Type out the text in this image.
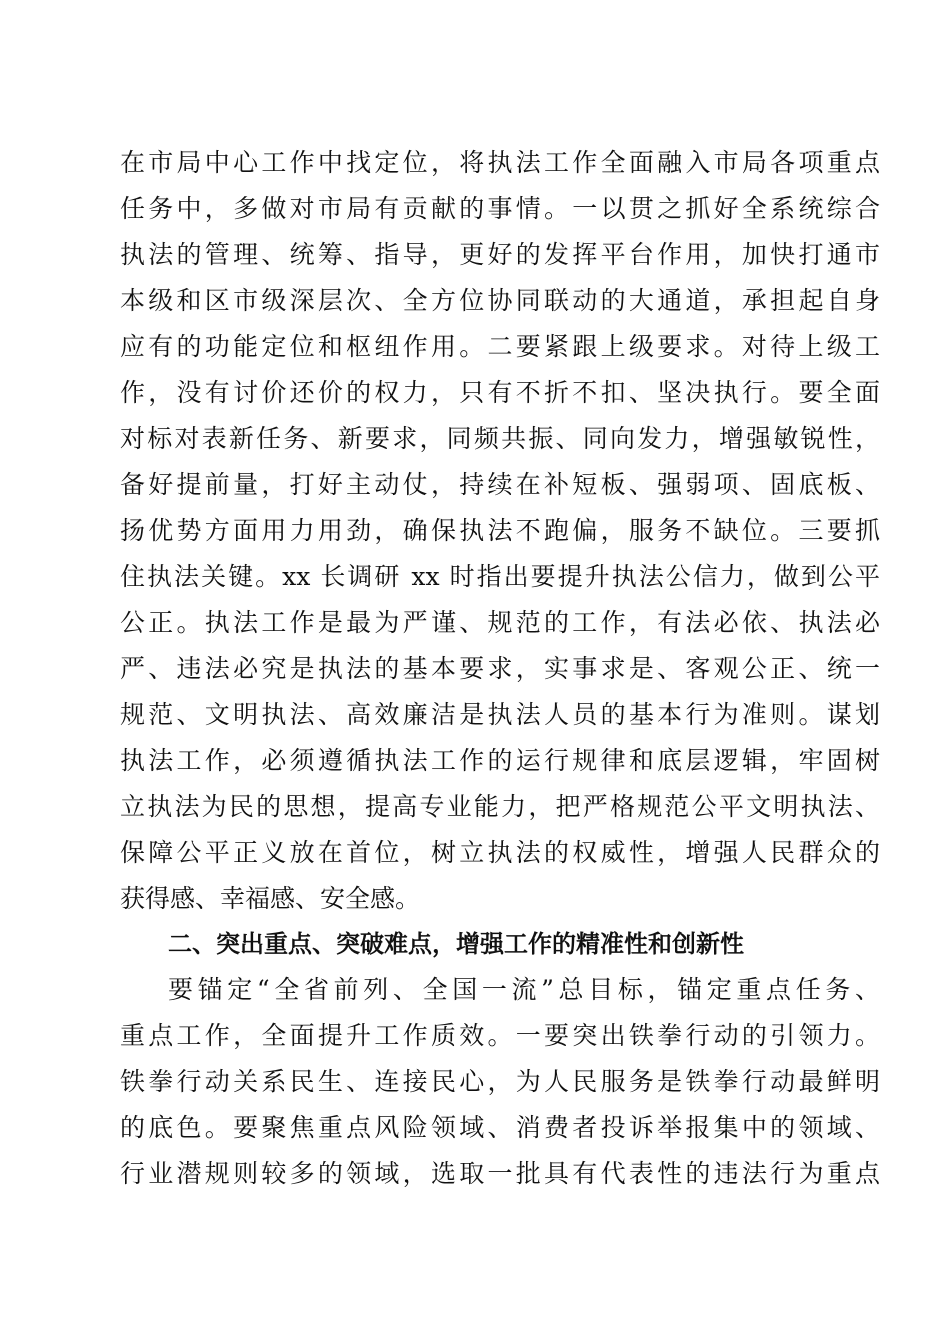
在市局中心工作中找定位，将执法工作全面融入市局各项重点
任务中，多做对市局有贡献的事情。一以贯之抓好全系统综合
执法的管理、统筹、指导，更好的发挥平台作用，加快打通市
本级和区市级深层次、全方位协同联动的大通道，承担起自身
应有的功能定位和枢纽作用。二要紧跟上级要求。对待上级工
作，没有讨价还价的权力，只有不折不扣、坚决执行。要全面
对标对表新任务、新要求，同频共振、同向发力，增强敏锐性，
备好提前量，打好主动仗，持续在补短板、强弱项、固底板、
扬优势方面用力用劲，确保执法不跑偏，服务不缺位。三要抓
住执法关键。xx 长调研 xx 时指出要提升执法公信力，做到公平
公正。执法工作是最为严谨、规范的工作，有法必依、执法必
严、违法必究是执法的基本要求，实事求是、客观公正、统一
规范、文明执法、高效廉洁是执法人员的基本行为准则。谋划
执法工作，必须遵循执法工作的运行规律和底层逻辑，牢固树
立执法为民的思想，提高专业能力，把严格规范公平文明执法、
保障公平正义放在首位，树立执法的权威性，增强人民群众的
获得感、幸福感、安全感。
二、突出重点、突破难点，增强工作的精准性和创新性
要锚定“全省前列、全国一流”总目标，锚定重点任务、
重点工作，全面提升工作质效。一要突出铁拳行动的引领力。
铁拳行动关系民生、连接民心，为人民服务是铁拳行动最鲜明
的底色。要聚焦重点风险领域、消费者投诉举报集中的领域、
行业潜规则较多的领域，选取一批具有代表性的违法行为重点
